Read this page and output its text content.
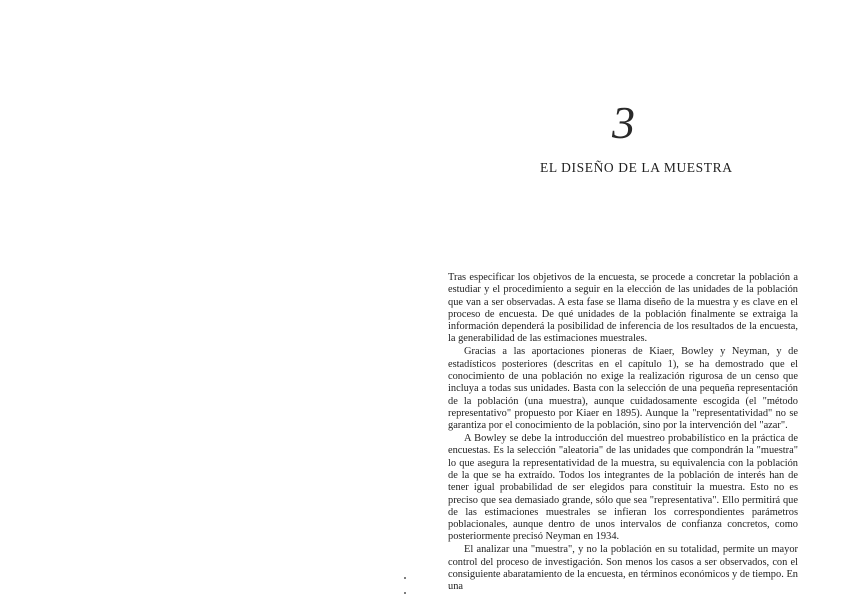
3
EL DISEÑO DE LA MUESTRA

Tras especificar los objetivos de la encuesta, se procede a concretar la población a estudiar y el procedimiento a seguir en la elección de las unidades de la población que van a ser observadas. A esta fase se llama diseño de la muestra y es clave en el proceso de encuesta. De qué unidades de la población finalmente se extraiga la información dependerá la posibilidad de inferencia de los resultados de la encuesta, la generabilidad de las estimaciones muestrales.

Gracias a las aportaciones pioneras de Kiaer, Bowley y Neyman, y de estadísticos posteriores (descritas en el capítulo 1), se ha demostrado que el conocimiento de una población no exige la realización rigurosa de un censo que incluya a todas sus unidades. Basta con la selección de una pequeña representación de la población (una muestra), aunque cuidadosamente escogida (el "método representativo" propuesto por Kiaer en 1895). Aunque la "representatividad" no se garantiza por el conocimiento de la población, sino por la intervención del "azar".

A Bowley se debe la introducción del muestreo probabilístico en la práctica de encuestas. Es la selección "aleatoria" de las unidades que compondrán la "muestra" lo que asegura la representatividad de la muestra, su equivalencia con la población de la que se ha extraído. Todos los integrantes de la población de interés han de tener igual probabilidad de ser elegidos para constituir la muestra. Esto no es preciso que sea demasiado grande, sólo que sea "representativa". Ello permitirá que de las estimaciones muestrales se infieran los correspondientes parámetros poblacionales, aunque dentro de unos intervalos de confianza concretos, como posteriormente precisó Neyman en 1934.

El analizar una "muestra", y no la población en su totalidad, permite un mayor control del proceso de investigación. Son menos los casos a ser observados, con el consiguiente abaratamiento de la encuesta, en términos económicos y de tiempo. En una
